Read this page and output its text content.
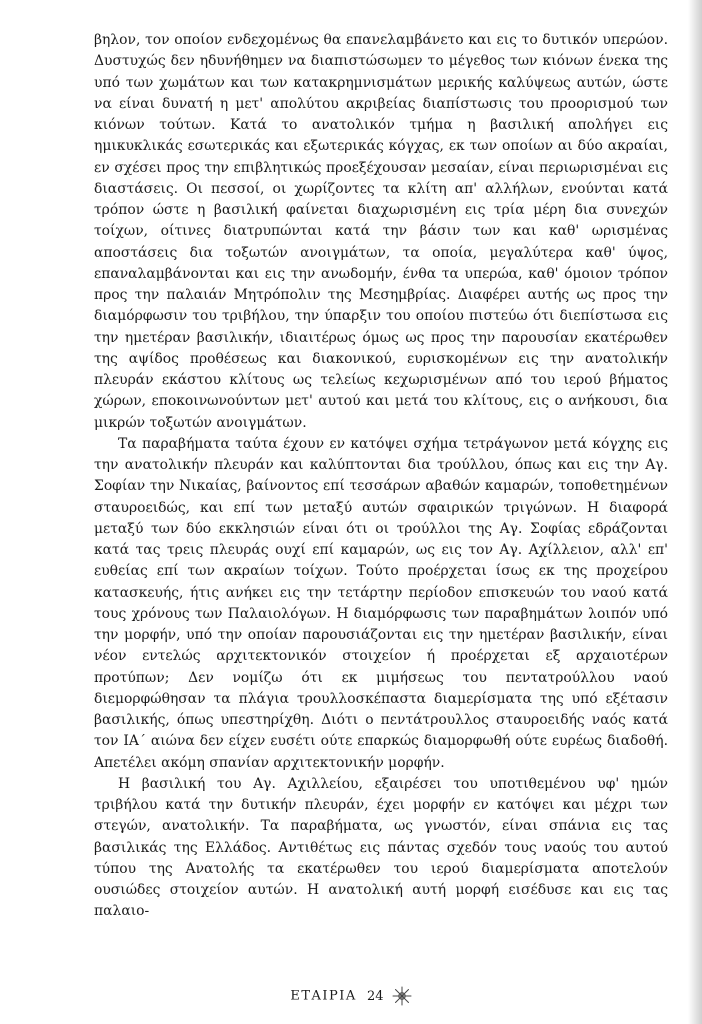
βηλον, τον οποίον ενδεχομένως θα επανελαμβάνετο και εις το δυτικόν υπερώον. Δυστυχώς δεν ηδυνήθημεν να διαπιστώσωμεν το μέγεθος των κιόνων ένεκα της υπό των χωμάτων και των κατακρημνισμάτων μερικής καλύψεως αυτών, ώστε να είναι δυνατή η μετ' απολύτου ακριβείας διαπίστωσις του προορισμού των κιόνων τούτων. Κατά το ανατολικόν τμήμα η βασιλική απολήγει εις ημικυκλικάς εσωτερικάς και εξωτερικάς κόγχας, εκ των οποίων αι δύο ακραίαι, εν σχέσει προς την επιβλητικώς προεξέχουσαν μεσαίαν, είναι περιωρισμέναι εις διαστάσεις. Οι πεσσοί, οι χωρίζοντες τα κλίτη απ' αλλήλων, ενούνται κατά τρόπον ώστε η βασιλική φαίνεται διαχωρισμένη εις τρία μέρη δια συνεχών τοίχων, οίτινες διατρυπώνται κατά την βάσιν των και καθ' ωρισμένας αποστάσεις δια τοξωτών ανοιγμάτων, τα οποία, μεγαλύτερα καθ' ύψος, επαναλαμβάνονται και εις την ανωδομήν, ένθα τα υπερώα, καθ' όμοιον τρόπον προς την παλαιάν Μητρόπολιν της Μεσημβρίας. Διαφέρει αυτής ως προς την διαμόρφωσιν του τριβήλου, την ύπαρξιν του οποίου πιστεύω ότι διεπίστωσα εις την ημετέραν βασιλικήν, ιδιαιτέρως όμως ως προς την παρουσίαν εκατέρωθεν της αψίδος προθέσεως και διακονικού, ευρισκομένων εις την ανατολικήν πλευράν εκάστου κλίτους ως τελείως κεχωρισμένων από του ιερού βήματος χώρων, εποκοινωνούντων μετ' αυτού και μετά του κλίτους, εις ο ανήκουσι, δια μικρών τοξωτών ανοιγμάτων.

Τα παραβήματα ταύτα έχουν εν κατόψει σχήμα τετράγωνον μετά κόγχης εις την ανατολικήν πλευράν και καλύπτονται δια τρούλλου, όπως και εις την Αγ. Σοφίαν την Νικαίας, βαίνοντος επί τεσσάρων αβαθών καμαρών, τοποθετημένων σταυροειδώς, και επί των μεταξύ αυτών σφαιρικών τριγώνων. Η διαφορά μεταξύ των δύο εκκλησιών είναι ότι οι τρούλλοι της Αγ. Σοφίας εδράζονται κατά τας τρεις πλευράς ουχί επί καμαρών, ως εις τον Αγ. Αχίλλειον, αλλ' επ' ευθείας επί των ακραίων τοίχων. Τούτο προέρχεται ίσως εκ της προχείρου κατασκευής, ήτις ανήκει εις την τετάρτην περίοδον επισκευών του ναού κατά τους χρόνους των Παλαιολόγων. Η διαμόρφωσις των παραβημάτων λοιπόν υπό την μορφήν, υπό την οποίαν παρουσιάζονται εις την ημετέραν βασιλικήν, είναι νέον εντελώς αρχιτεκτονικόν στοιχείον ή προέρχεται εξ αρχαιοτέρων προτύπων; Δεν νομίζω ότι εκ μιμήσεως του πεντατρούλλου ναού διεμορφώθησαν τα πλάγια τρουλλοσκέπαστα διαμερίσματα της υπό εξέτασιν βασιλικής, όπως υπεστηρίχθη. Διότι ο πεντάτρουλλος σταυροειδής ναός κατά τον ΙΑ΄ αιώνα δεν είχεν ευσέτι ούτε επαρκώς διαμορφωθή ούτε ευρέως διαδοθή. Απετέλει ακόμη σπανίαν αρχιτεκτονικήν μορφήν.

Η βασιλική του Αγ. Αχιλλείου, εξαιρέσει του υποτιθεμένου υφ' ημών τριβήλου κατά την δυτικήν πλευράν, έχει μορφήν εν κατόψει και μέχρι των στεγών, ανατολικήν. Τα παραβήματα, ως γνωστόν, είναι σπάνια εις τας βασιλικάς της Ελλάδος. Αντιθέτως εις πάντας σχεδόν τους ναούς του αυτού τύπου της Ανατολής τα εκατέρωθεν του ιερού διαμερίσματα αποτελούν ουσιώδες στοιχείον αυτών. Η ανατολική αυτή μορφή εισέδυσε και εις τας παλαιο-

ΕΤΑΙΡΙΑ 24
